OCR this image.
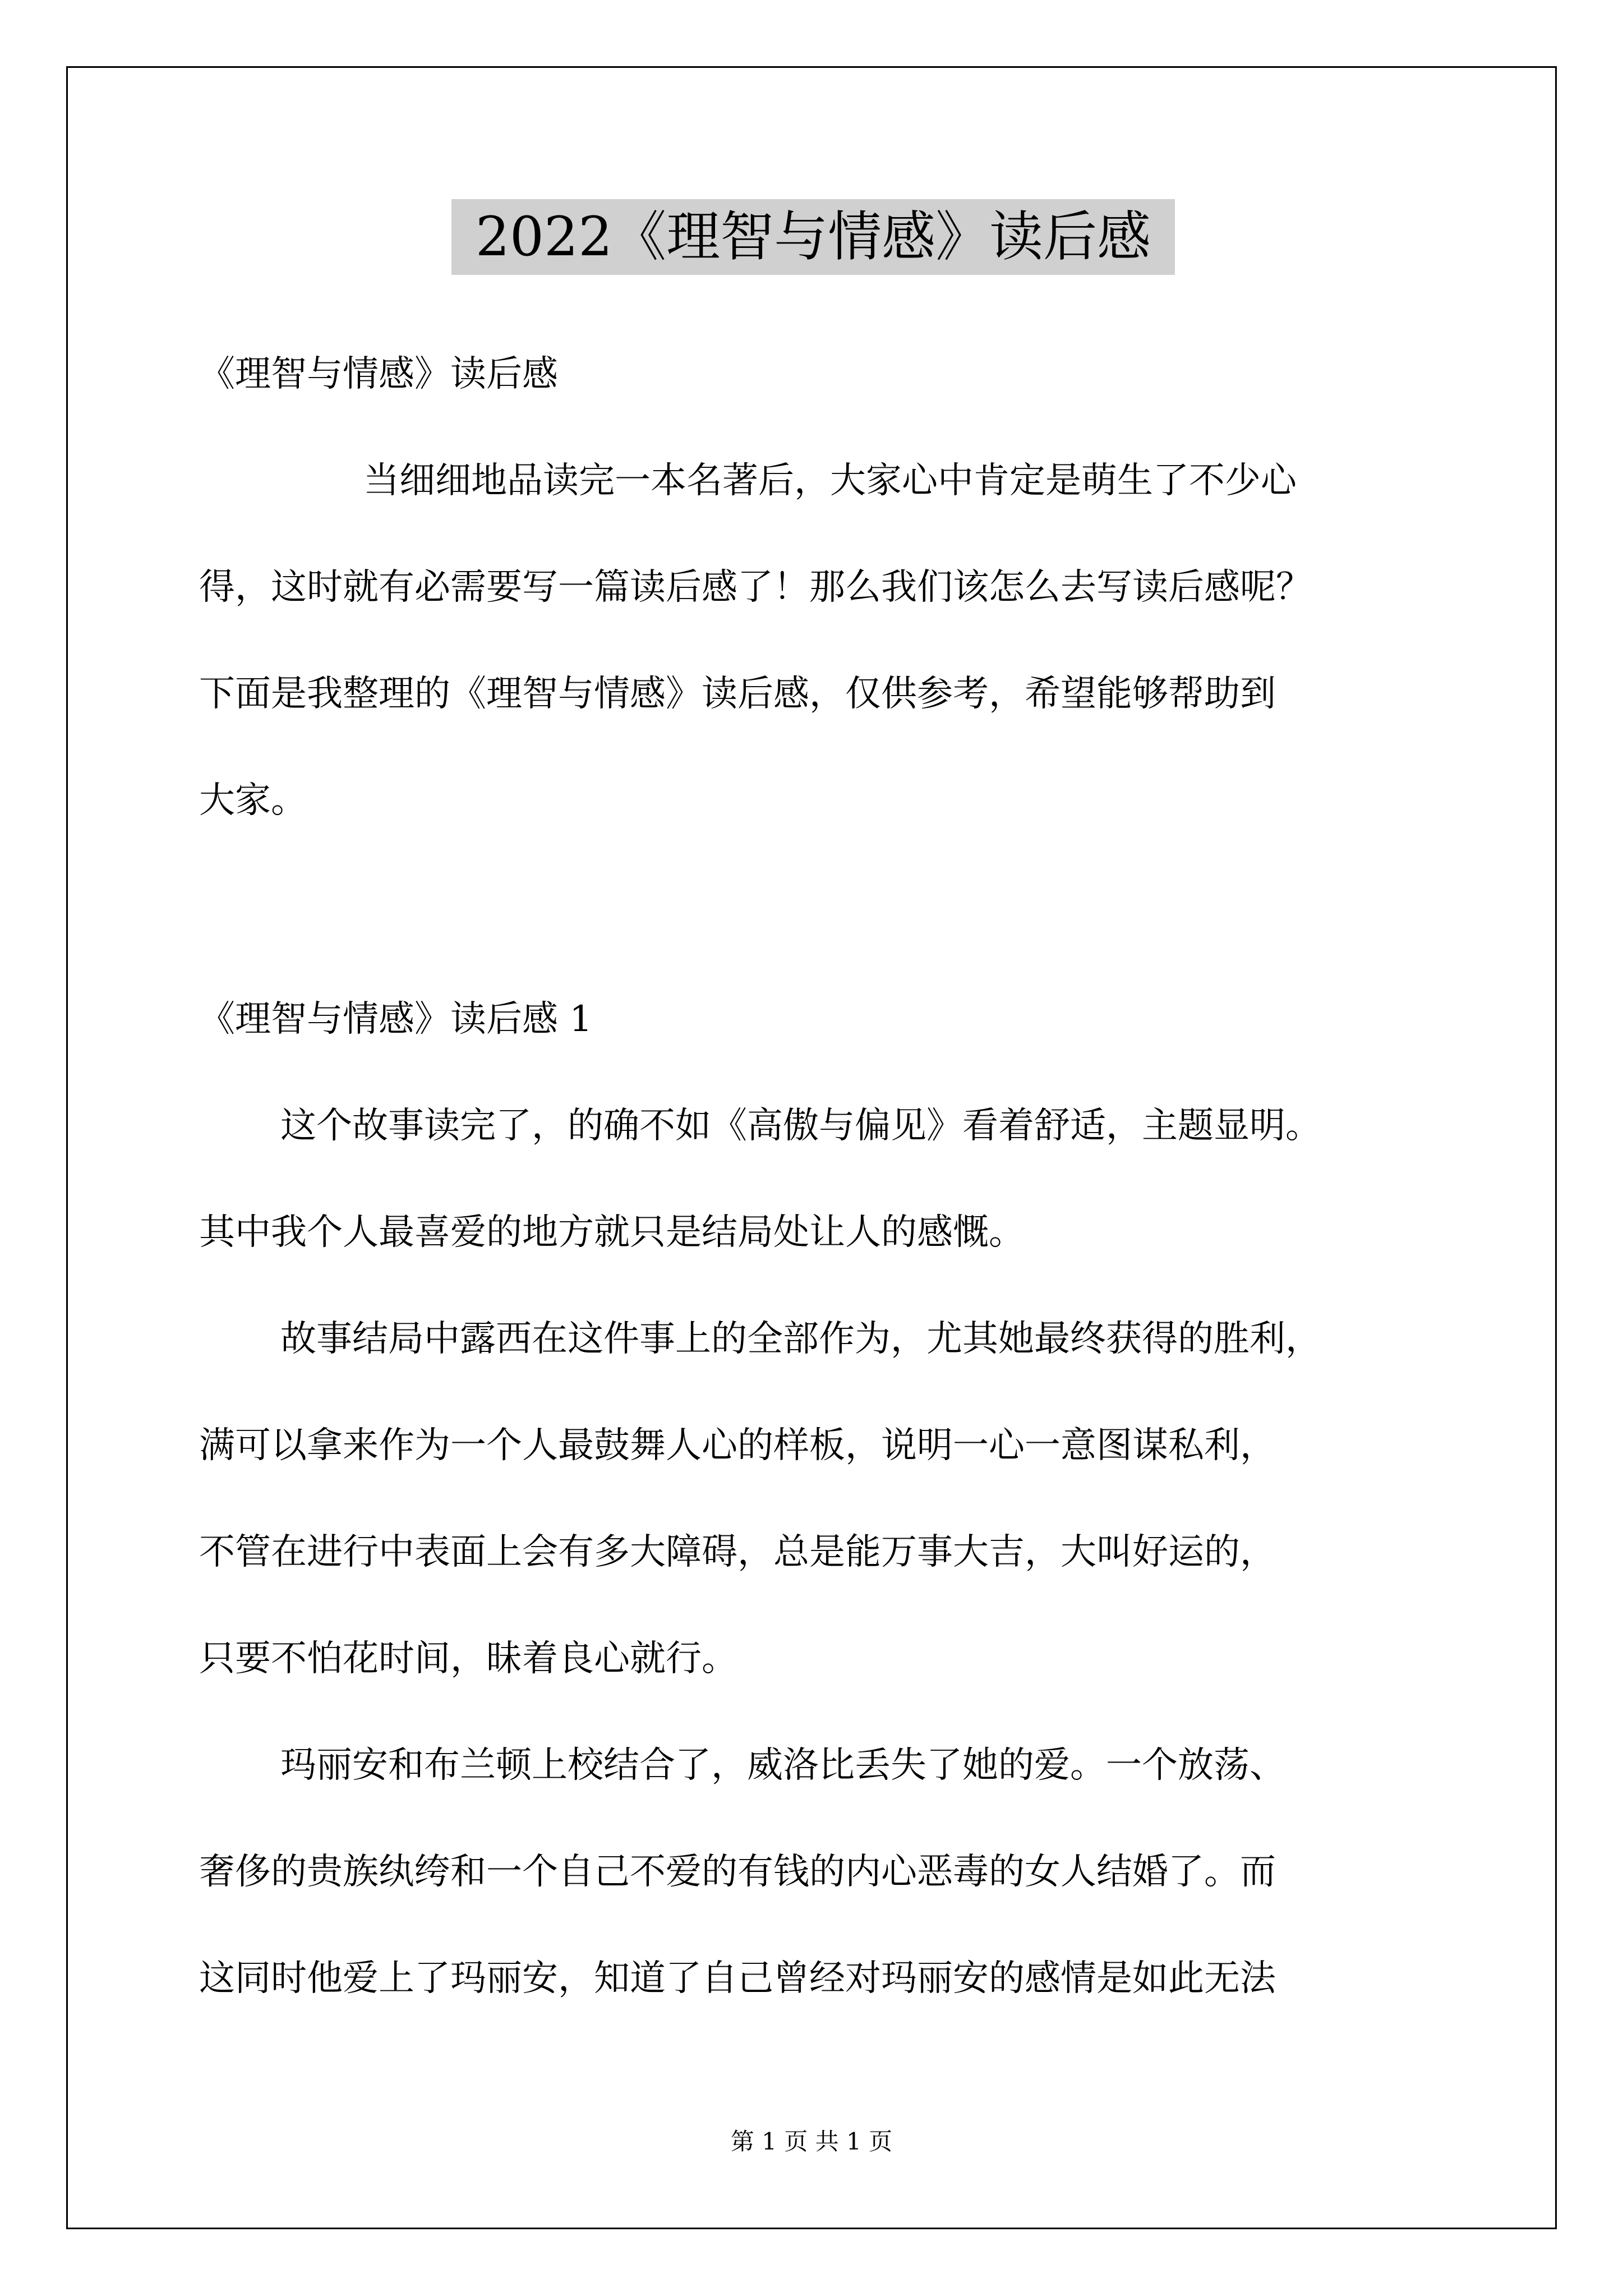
2022《理智与情感》读后感
《理智与情感》读后感
当细细地品读完一本名著后，大家心中肯定是萌生了不少心
得，这时就有必需要写一篇读后感了！那么我们该怎么去写读后感呢？
下面是我整理的《理智与情感》读后感，仅供参考，希望能够帮助到
大家。
《理智与情感》读后感 1
这个故事读完了，的确不如《高傲与偏见》看着舒适，主题显明。
其中我个人最喜爱的地方就只是结局处让人的感慨。
故事结局中露西在这件事上的全部作为，尤其她最终获得的胜利，
满可以拿来作为一个人最鼓舞人心的样板，说明一心一意图谋私利，
不管在进行中表面上会有多大障碍，总是能万事大吉，大叫好运的，
只要不怕花时间，昧着良心就行。
玛丽安和布兰顿上校结合了，威洛比丢失了她的爱。一个放荡、
奢侈的贵族纨绔和一个自己不爱的有钱的内心恶毒的女人结婚了。而
这同时他爱上了玛丽安，知道了自己曾经对玛丽安的感情是如此无法
第 1 页 共 1 页
